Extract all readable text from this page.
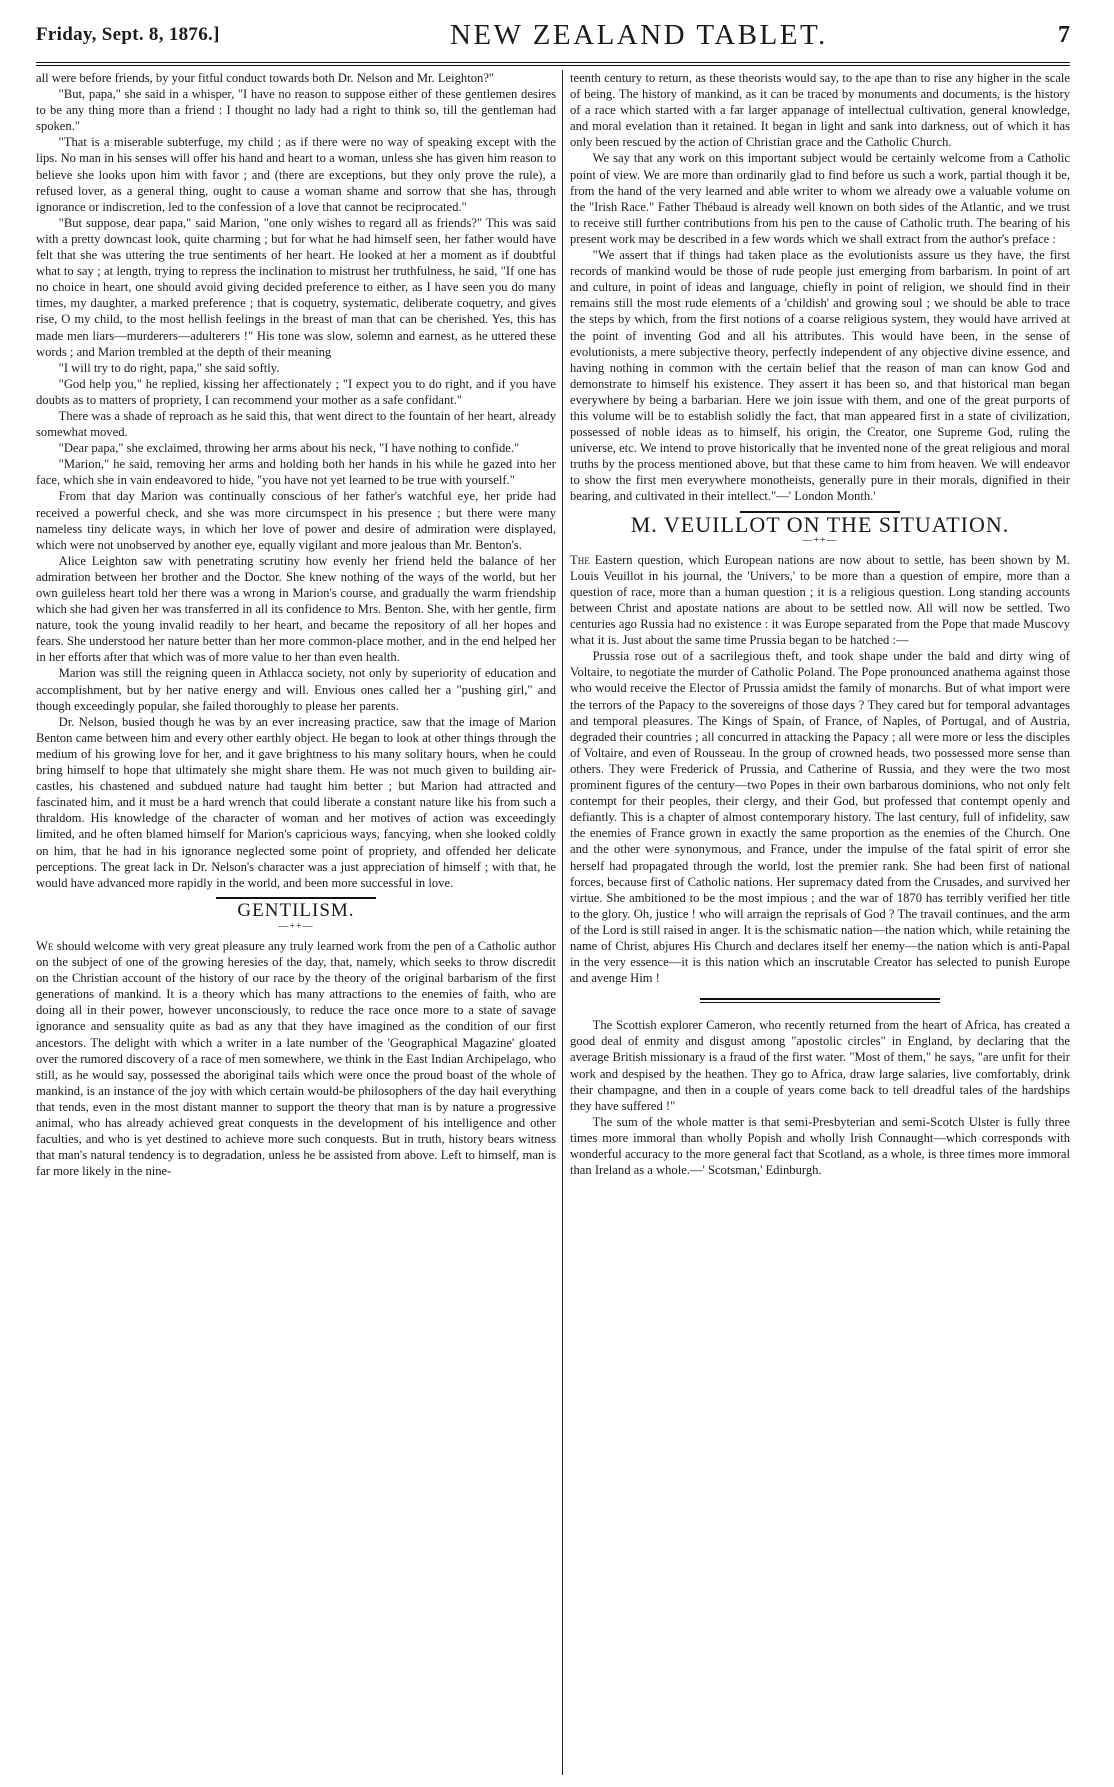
Friday, Sept. 8, 1876.]	NEW ZEALAND TABLET.	7

all were before friends, by your fitful conduct towards both Dr. Nelson and Mr. Leighton?"

"But, papa," she said in a whisper, "I have no reason to suppose either of these gentlemen desires to be any thing more than a friend : I thought no lady had a right to think so, till the gentleman had spoken."

"That is a miserable subterfuge, my child ; as if there were no way of speaking except with the lips. No man in his senses will offer his hand and heart to a woman, unless she has given him reason to believe she looks upon him with favor ; and (there are exceptions, but they only prove the rule), a refused lover, as a general thing, ought to cause a woman shame and sorrow that she has, through ignorance or indiscretion, led to the confession of a love that cannot be reciprocated."

"But suppose, dear papa," said Marion, "one only wishes to regard all as friends?" This was said with a pretty downcast look, quite charming ; but for what he had himself seen, her father would have felt that she was uttering the true sentiments of her heart. He looked at her a moment as if doubtful what to say ; at length, trying to repress the inclination to mistrust her truthfulness, he said, "If one has no choice in heart, one should avoid giving decided preference to either, as I have seen you do many times, my daughter, a marked preference ; that is coquetry, systematic, deliberate coquetry, and gives rise, O my child, to the most hellish feelings in the breast of man that can be cherished. Yes, this has made men liars—murderers—adulterers !" His tone was slow, solemn and earnest, as he uttered these words ; and Marion trembled at the depth of their meaning

"I will try to do right, papa," she said softly.

"God help you," he replied, kissing her affectionately ; "I expect you to do right, and if you have doubts as to matters of propriety, I can recommend your mother as a safe confidant."

There was a shade of reproach as he said this, that went direct to the fountain of her heart, already somewhat moved.

"Dear papa," she exclaimed, throwing her arms about his neck, "I have nothing to confide."

"Marion," he said, removing her arms and holding both her hands in his while he gazed into her face, which she in vain endeavored to hide, "you have not yet learned to be true with yourself."

From that day Marion was continually conscious of her father's watchful eye, her pride had received a powerful check, and she was more circumspect in his presence ; but there were many nameless tiny delicate ways, in which her love of power and desire of admiration were displayed, which were not unobserved by another eye, equally vigilant and more jealous than Mr. Benton's.

Alice Leighton saw with penetrating scrutiny how evenly her friend held the balance of her admiration between her brother and the Doctor. She knew nothing of the ways of the world, but her own guileless heart told her there was a wrong in Marion's course, and gradually the warm friendship which she had given her was transferred in all its confidence to Mrs. Benton. She, with her gentle, firm nature, took the young invalid readily to her heart, and became the repository of all her hopes and fears. She understood her nature better than her more common-place mother, and in the end helped her in her efforts after that which was of more value to her than even health.

Marion was still the reigning queen in Athlacca society, not only by superiority of education and accomplishment, but by her native energy and will. Envious ones called her a "pushing girl," and though exceedingly popular, she failed thoroughly to please her parents.

Dr. Nelson, busied though he was by an ever increasing practice, saw that the image of Marion Benton came between him and every other earthly object. He began to look at other things through the medium of his growing love for her, and it gave brightness to his many solitary hours, when he could bring himself to hope that ultimately she might share them. He was not much given to building air-castles, his chastened and subdued nature had taught him better ; but Marion had attracted and fascinated him, and it must be a hard wrench that could liberate a constant nature like his from such a thraldom. His knowledge of the character of woman and her motives of action was exceedingly limited, and he often blamed himself for Marion's capricious ways, fancying, when she looked coldly on him, that he had in his ignorance neglected some point of propriety, and offended her delicate perceptions. The great lack in Dr. Nelson's character was a just appreciation of himself ; with that, he would have advanced more rapidly in the world, and been more successful in love.

GENTILISM.
—++—

We should welcome with very great pleasure any truly learned work from the pen of a Catholic author on the subject of one of the growing heresies of the day, that, namely, which seeks to throw discredit on the Christian account of the history of our race by the theory of the original barbarism of the first generations of mankind. It is a theory which has many attractions to the enemies of faith, who are doing all in their power, however unconsciously, to reduce the race once more to a state of savage ignorance and sensuality quite as bad as any that they have imagined as the condition of our first ancestors. The delight with which a writer in a late number of the 'Geographical Magazine' gloated over the rumored discovery of a race of men somewhere, we think in the East Indian Archipelago, who still, as he would say, possessed the aboriginal tails which were once the proud boast of the whole of mankind, is an instance of the joy with which certain would-be philosophers of the day hail everything that tends, even in the most distant manner to support the theory that man is by nature a progressive animal, who has already achieved great conquests in the development of his intelligence and other faculties, and who is yet destined to achieve more such conquests. But in truth, history bears witness that man's natural tendency is to degradation, unless he be assisted from above. Left to himself, man is far more likely in the nine-

teenth century to return, as these theorists would say, to the ape than to rise any higher in the scale of being. The history of mankind, as it can be traced by monuments and documents, is the history of a race which started with a far larger appanage of intellectual cultivation, general knowledge, and moral evelation than it retained. It began in light and sank into darkness, out of which it has only been rescued by the action of Christian grace and the Catholic Church.

We say that any work on this important subject would be certainly welcome from a Catholic point of view. We are more than ordinarily glad to find before us such a work, partial though it be, from the hand of the very learned and able writer to whom we already owe a valuable volume on the "Irish Race." Father Thébaud is already well known on both sides of the Atlantic, and we trust to receive still further contributions from his pen to the cause of Catholic truth. The bearing of his present work may be described in a few words which we shall extract from the author's preface :

"We assert that if things had taken place as the evolutionists assure us they have, the first records of mankind would be those of rude people just emerging from barbarism. In point of art and culture, in point of ideas and language, chiefly in point of religion, we should find in their remains still the most rude elements of a 'childish' and growing soul ; we should be able to trace the steps by which, from the first notions of a coarse religious system, they would have arrived at the point of inventing God and all his attributes. This would have been, in the sense of evolutionists, a mere subjective theory, perfectly independent of any objective divine essence, and having nothing in common with the certain belief that the reason of man can know God and demonstrate to himself his existence. They assert it has been so, and that historical man began everywhere by being a barbarian. Here we join issue with them, and one of the great purports of this volume will be to establish solidly the fact, that man appeared first in a state of civilization, possessed of noble ideas as to himself, his origin, the Creator, one Supreme God, ruling the universe, etc. We intend to prove historically that he invented none of the great religious and moral truths by the process mentioned above, but that these came to him from heaven. We will endeavor to show the first men everywhere monotheists, generally pure in their morals, dignified in their bearing, and cultivated in their intellect."—' London Month.'

M. VEUILLOT ON THE SITUATION.
—++—

The Eastern question, which European nations are now about to settle, has been shown by M. Louis Veuillot in his journal, the 'Univers,' to be more than a question of empire, more than a question of race, more than a human question ; it is a religious question. Long standing accounts between Christ and apostate nations are about to be settled now. All will now be settled. Two centuries ago Russia had no existence : it was Europe separated from the Pope that made Muscovy what it is. Just about the same time Prussia began to be hatched :—

Prussia rose out of a sacrilegious theft, and took shape under the bald and dirty wing of Voltaire, to negotiate the murder of Catholic Poland. The Pope pronounced anathema against those who would receive the Elector of Prussia amidst the family of monarchs. But of what import were the terrors of the Papacy to the sovereigns of those days ? They cared but for temporal advantages and temporal pleasures. The Kings of Spain, of France, of Naples, of Portugal, and of Austria, degraded their countries ; all concurred in attacking the Papacy ; all were more or less the disciples of Voltaire, and even of Rousseau. In the group of crowned heads, two possessed more sense than others. They were Frederick of Prussia, and Catherine of Russia, and they were the two most prominent figures of the century—two Popes in their own barbarous dominions, who not only felt contempt for their peoples, their clergy, and their God, but professed that contempt openly and defiantly. This is a chapter of almost contemporary history. The last century, full of infidelity, saw the enemies of France grown in exactly the same proportion as the enemies of the Church. One and the other were synonymous, and France, under the impulse of the fatal spirit of error she herself had propagated through the world, lost the premier rank. She had been first of national forces, because first of Catholic nations. Her supremacy dated from the Crusades, and survived her virtue. She ambitioned to be the most impious ; and the war of 1870 has terribly verified her title to the glory. Oh, justice ! who will arraign the reprisals of God ? The travail continues, and the arm of the Lord is still raised in anger. It is the schismatic nation—the nation which, while retaining the name of Christ, abjures His Church and declares itself her enemy—the nation which is anti-Papal in the very essence—it is this nation which an inscrutable Creator has selected to punish Europe and avenge Him !

The Scottish explorer Cameron, who recently returned from the heart of Africa, has created a good deal of enmity and disgust among "apostolic circles" in England, by declaring that the average British missionary is a fraud of the first water. "Most of them," he says, "are unfit for their work and despised by the heathen. They go to Africa, draw large salaries, live comfortably, drink their champagne, and then in a couple of years come back to tell dreadful tales of the hardships they have suffered !"

The sum of the whole matter is that semi-Presbyterian and semi-Scotch Ulster is fully three times more immoral than wholly Popish and wholly Irish Connaught—which corresponds with wonderful accuracy to the more general fact that Scotland, as a whole, is three times more immoral than Ireland as a whole.—' Scotsman,' Edinburgh.
